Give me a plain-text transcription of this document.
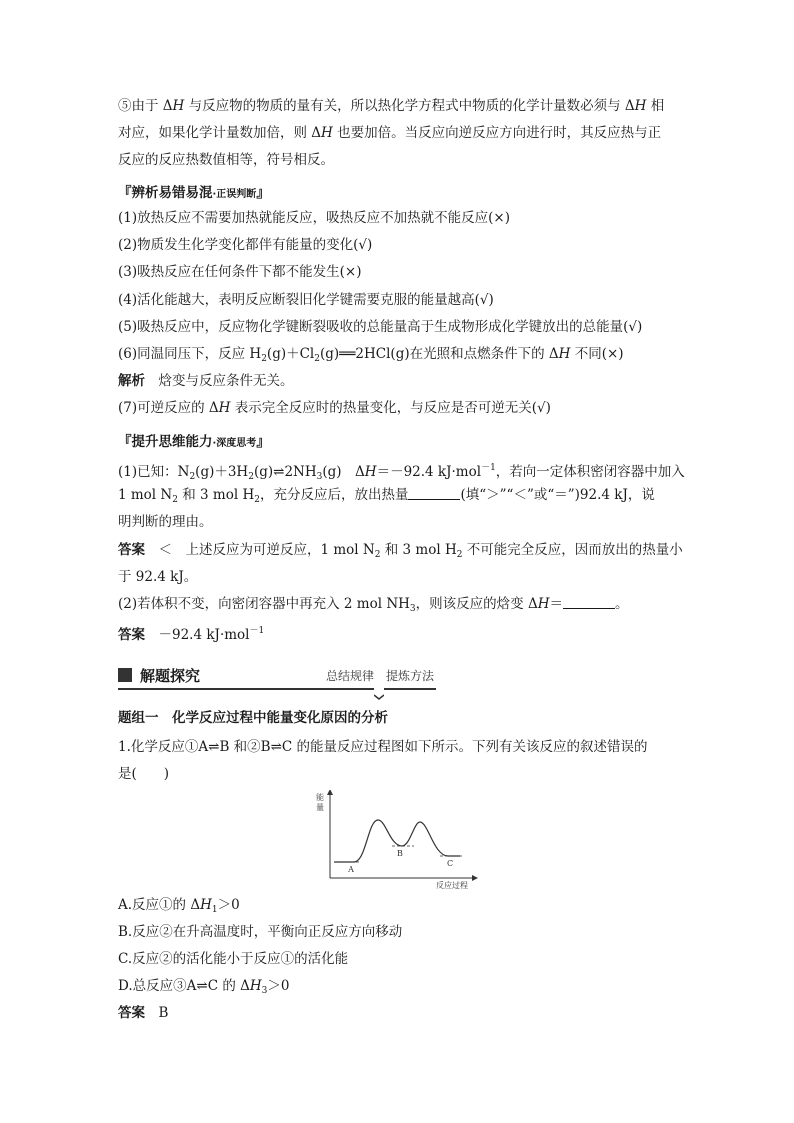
⑤由于 ΔH 与反应物的物质的量有关，所以热化学方程式中物质的化学计量数必须与 ΔH 相
对应，如果化学计量数加倍，则 ΔH 也要加倍。当反应向逆反应方向进行时，其反应热与正
反应的反应热数值相等，符号相反。
『辨析易错易混·正误判断』
(1)放热反应不需要加热就能反应，吸热反应不加热就不能反应(×)
(2)物质发生化学变化都伴有能量的变化(√)
(3)吸热反应在任何条件下都不能发生(×)
(4)活化能越大，表明反应断裂旧化学键需要克服的能量越高(√)
(5)吸热反应中，反应物化学键断裂吸收的总能量高于生成物形成化学键放出的总能量(√)
(6)同温同压下，反应 $H_2(g)+Cl_2(g)══2HCl(g)$在光照和点燃条件下的 ΔH 不同(×)
解析　 焓变与反应条件无关。
(7)可逆反应的 ΔH 表示完全反应时的热量变化，与反应是否可逆无关(√)
『提升思维能力·深度思考』
(1)已知：$N_2(g)+3H_2(g)\rightleftharpoons 2NH_3(g)$　ΔH＝－92.4 kJ·mol$^{-1}$，若向一定体积密闭容器中加入
1 mol $N_2$ 和 3 mol $H_2$，充分反应后，放出热量	(填“＞”“＜”或“＝”)92.4 kJ，说
明判断的理由。
答案　 ＜　上述反应为可逆反应，1 mol $N_2$ 和 3 mol $H_2$ 不可能完全反应，因而放出的热量小
于 92.4 kJ。
(2)若体积不变，向密闭容器中再充入 2 mol $NH_3$，则该反应的焓变 ΔH＝	。
答案　 －92.4 kJ·mol$^{-1}$
解题探究	总结规律　提炼方法
题组一　 化学反应过程中能量变化原因的分析
1.化学反应①A⇌B 和②B⇌C 的能量反应过程图如下所示。下列有关该反应的叙述错误的
是(　　)
能
量
反应过程
A
B
C
A.反应①的 $\Delta H_1>0$
B.反应②在升高温度时，平衡向正反应方向移动
C.反应②的活化能小于反应①的活化能
D.总反应③A⇌C 的 $\Delta H_3>0$
答案　 B
